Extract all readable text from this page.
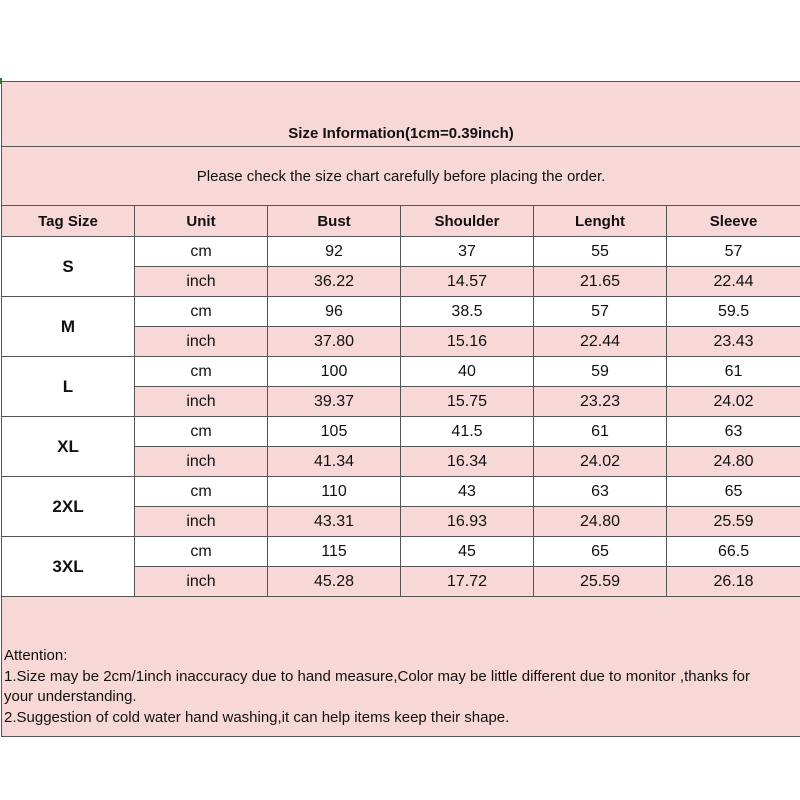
Size Information(1cm=0.39inch)					
Please check the size chart carefully before placing the order.					
Tag Size	Unit	Bust	Shoulder	Lenght	Sleeve
S	cm	92	37	55	57
	inch	36.22	14.57	21.65	22.44
M	cm	96	38.5	57	59.5
	inch	37.80	15.16	22.44	23.43
L	cm	100	40	59	61
	inch	39.37	15.75	23.23	24.02
XL	cm	105	41.5	61	63
	inch	41.34	16.34	24.02	24.80
2XL	cm	110	43	63	65
	inch	43.31	16.93	24.80	25.59
3XL	cm	115	45	65	66.5
	inch	45.28	17.72	25.59	26.18

Attention:
1.Size may be 2cm/1inch inaccuracy due to hand measure,Color may be little different due to monitor ,thanks for
your understanding.
2.Suggestion of cold water hand washing,it can help items keep their shape.					
